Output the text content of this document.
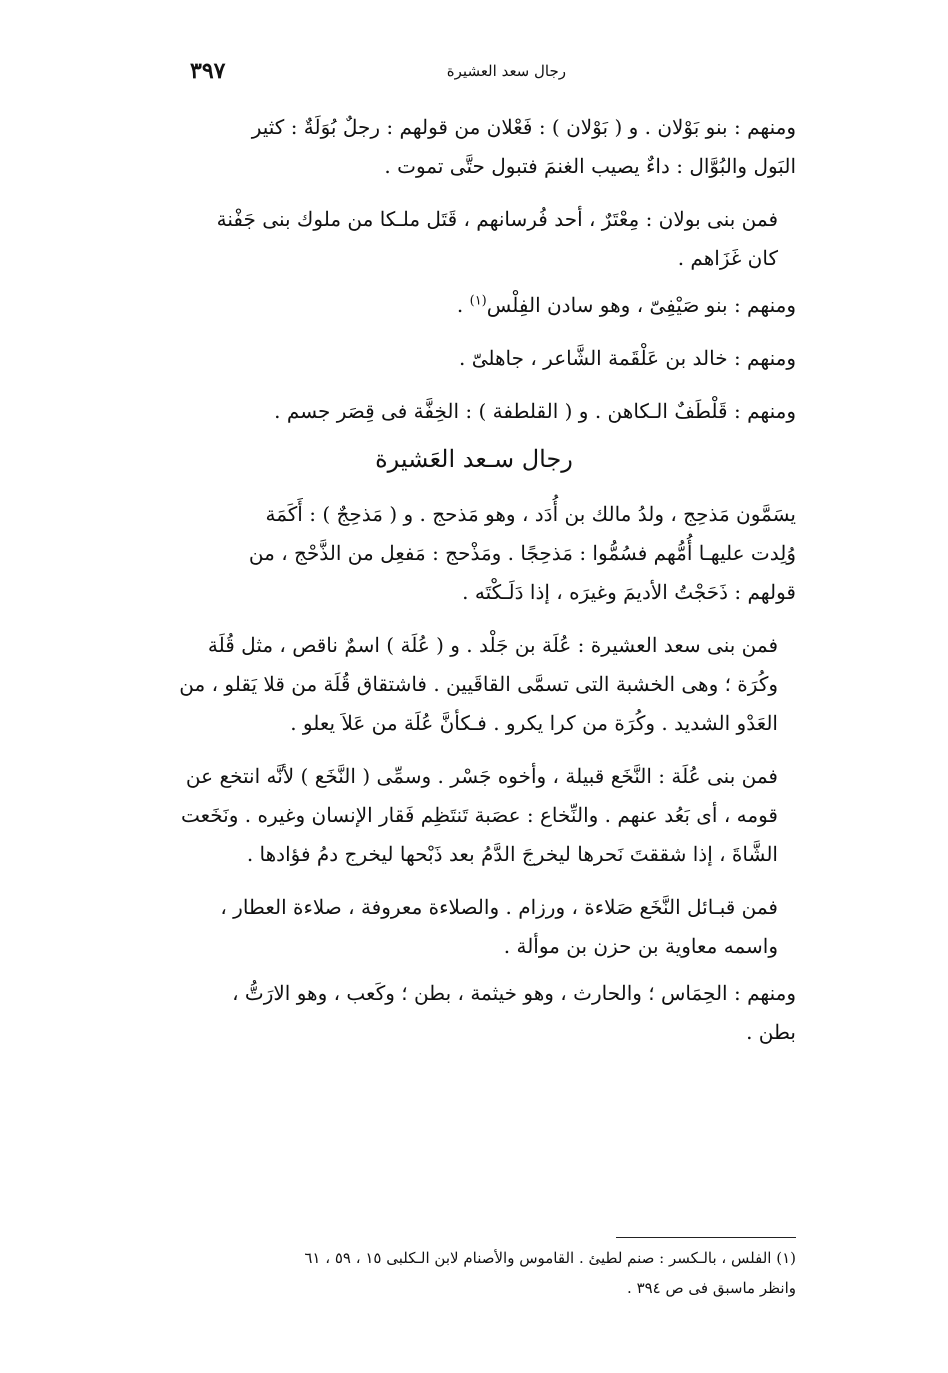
٣٩٧	رجال سعد العشيرة

ومنهم : بنو بَوْلان . و ( بَوْلان ) : فَعْلان من قولهم : رجلٌ بُوَلَةٌ : كثير
البَول والبُوَّال : داءٌ يصيب الغنمَ فتبول حتَّى تموت .

فمن بنى بولان : مِعْتَرٌ ، أحد فُرسانهم ، قَتَل ملـكا من ملوك بنى جَفْنة
كان غَزَاهم .

ومنهم : بنو صَيْفِىّ ، وهو سادن الفِلْس$^{(١)}$ .

ومنهم : خالد بن عَلْقَمة الشَّاعر ، جاهلىّ .

ومنهم : قَلْطَفٌ الـكاهن . و ( القلطفة ) : الخِفَّة فى قِصَر جسم .

رجال سـعد العَشيرة

يسَمَّون مَذحِج ، ولدُ مالك بن أُدَد ، وهو مَذحج . و ( مَذحِجٌ ) : أَكَمَة
وُلِدت عليهـا أُمُّهم فسُمُّوا : مَذحِجًا . ومَذْحج : مَفعِل من الذَّحْج ، من
قولهم : ذَحَجْتُ الأديمَ وغيرَه ، إذا دَلَـكْتَه .

فمن بنى سعد العشيرة : عُلَة بن جَلْد . و ( عُلَة ) اسمٌ ناقص ، مثل قُلَة
وكُرَة ؛ وهى الخشبة التى تسمَّى القاقَيين . فاشتقاق قُلَة من قلا يَقلو ، من
العَدْو الشديد . وكُرَة من كرا يكرو . فـكأنَّ عُلَة من عَلاَ يعلو .

فمن بنى عُلَة : النَّخَع قبيلة ، وأخوه جَسْر . وسمِّى ( النَّخَع ) لأنَّه انتخع عن
قومه ، أى بَعُد عنهم . والنِّخاع : عصَبة تَنتَظِم فَقار الإنسان وغيره . ونَخَعت
الشَّاةَ ، إذا شققتَ نَحرها ليخرجَ الدَّمُ بعد ذَبْحها ليخرج دمُ فؤادها .

فمن قبـائل النَّخَع صَلاءة ، ورزام . والصلاءة معروفة ، صلاءة العطار ،
واسمه معاوية بن حزن بن موألة .

ومنهم : الحِمَاس ؛ والحارث ، وهو خيثمة ، بطن ؛ وكَعب ، وهو الارَتُّ ،
بطن .

(١) الفلس ، بالـكسر : صنم لطيئ . القاموس والأصنام لابن الـكلبى ١٥ ، ٥٩ ، ٦١

وانظر ماسبق فى ص ٣٩٤ .
